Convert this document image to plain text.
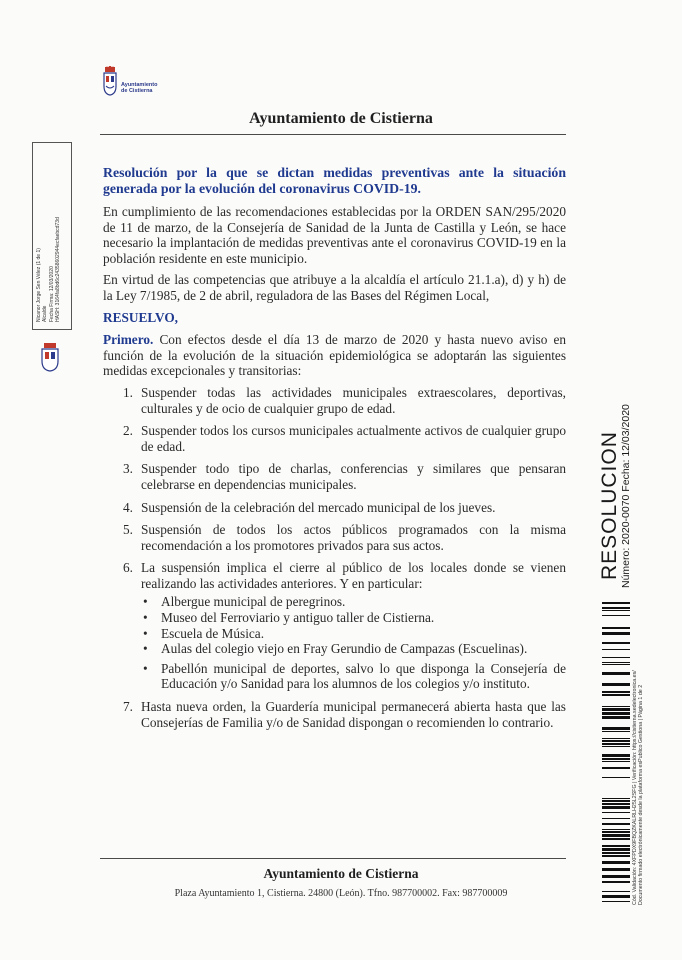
Ayuntamiento
de Cistierna
Ayuntamiento de Cistierna
Nicanor Jorge Sen Vélez (1 de 1)
Alcalde
Fecha Firma: 12/03/2020
HASH: 3164fa8bd6c24358602944ecfaebcd73d
Resolución por la que se dictan medidas preventivas ante la situación generada por la evolución del coronavirus COVID-19.
En cumplimiento de las recomendaciones establecidas por la ORDEN SAN/295/2020 de 11 de marzo, de la Consejería de Sanidad de la Junta de Castilla y León, se hace necesario la implantación de medidas preventivas ante el coronavirus COVID-19 en la población residente en este municipio.
En virtud de las competencias que atribuye a la alcaldía el artículo 21.1.a), d) y h) de la Ley 7/1985, de 2 de abril, reguladora de las Bases del Régimen Local,
RESUELVO,
Primero. Con efectos desde el día 13 de marzo de 2020 y hasta nuevo aviso en función de la evolución de la situación epidemiológica se adoptarán las siguientes medidas excepcionales y transitorias:
1. Suspender todas las actividades municipales extraescolares, deportivas, culturales y de ocio de cualquier grupo de edad.
2. Suspender todos los cursos municipales actualmente activos de cualquier grupo de edad.
3. Suspender todo tipo de charlas, conferencias y similares que pensaran celebrarse en dependencias municipales.
4. Suspensión de la celebración del mercado municipal de los jueves.
5. Suspensión de todos los actos públicos programados con la misma recomendación a los promotores privados para sus actos.
6. La suspensión implica el cierre al público de los locales donde se vienen realizando las actividades anteriores. Y en particular:
• Albergue municipal de peregrinos.
• Museo del Ferroviario y antiguo taller de Cistierna.
• Escuela de Música.
• Aulas del colegio viejo en Fray Gerundio de Campazas (Escuelinas).
• Pabellón municipal de deportes, salvo lo que disponga la Consejería de Educación y/o Sanidad para los alumnos de los colegios y/o instituto.
7. Hasta nueva orden, la Guardería municipal permanecerá abierta hasta que las Consejerías de Familia y/o de Sanidad dispongan o recomienden lo contrario.
Ayuntamiento de Cistierna
Plaza Ayuntamiento 1, Cistierna. 24800 (León). Tfno. 987700002. Fax: 987700009
RESOLUCION Número: 2020-0070 Fecha: 12/03/2020
Cód. Validación: 4XFPDX9FBQZKALRLH25L2SFG | Verificación: https://cistierna.sedelectronica.es/
Documento firmado electrónicamente desde la plataforma esPublico Gestiona | Página 1 de 2
